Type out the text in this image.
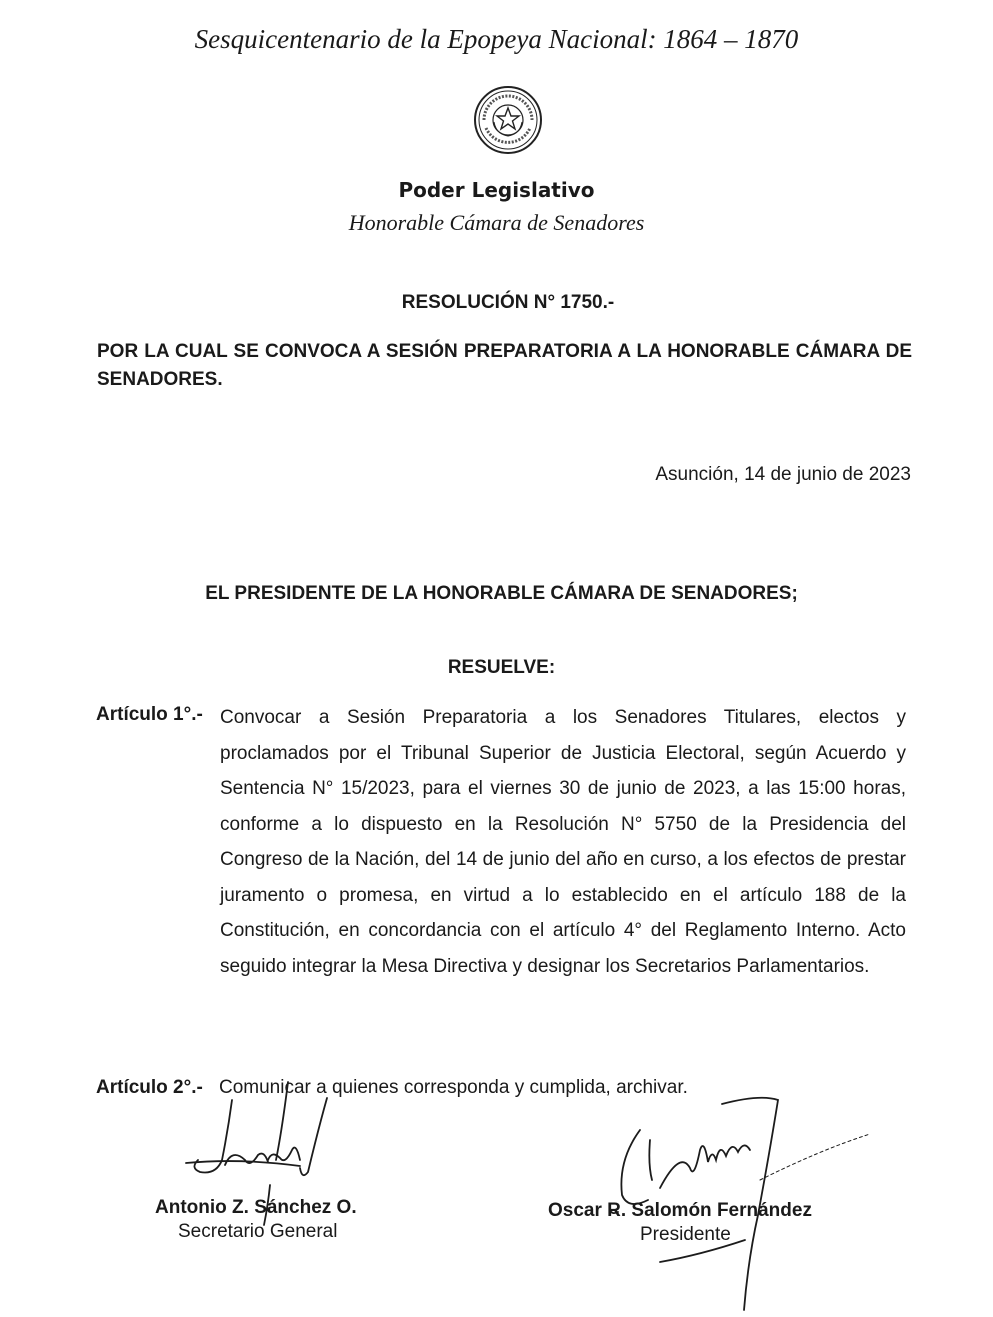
Sesquicentenario de la Epopeya Nacional: 1864 – 1870
Poder Legislativo
Honorable Cámara de Senadores
RESOLUCIÓN N° 1750.-
POR LA CUAL SE CONVOCA A SESIÓN PREPARATORIA A LA HONORABLE CÁMARA DE SENADORES.
Asunción, 14 de junio de 2023
EL PRESIDENTE DE LA HONORABLE CÁMARA DE SENADORES;
RESUELVE:
Artículo 1°.- Convocar a Sesión Preparatoria a los Senadores Titulares, electos y proclamados por el Tribunal Superior de Justicia Electoral, según Acuerdo y Sentencia N° 15/2023, para el viernes 30 de junio de 2023, a las 15:00 horas, conforme a lo dispuesto en la Resolución N° 5750 de la Presidencia del Congreso de la Nación, del 14 de junio del año en curso, a los efectos de prestar juramento o promesa, en virtud a lo establecido en el artículo 188 de la Constitución, en concordancia con el artículo 4° del Reglamento Interno. Acto seguido integrar la Mesa Directiva y designar los Secretarios Parlamentarios.
Artículo 2°.- Comunicar a quienes corresponda y cumplida, archivar.
Antonio Z. Sánchez O.
Secretario General
Oscar R. Salomón Fernández
Presidente
